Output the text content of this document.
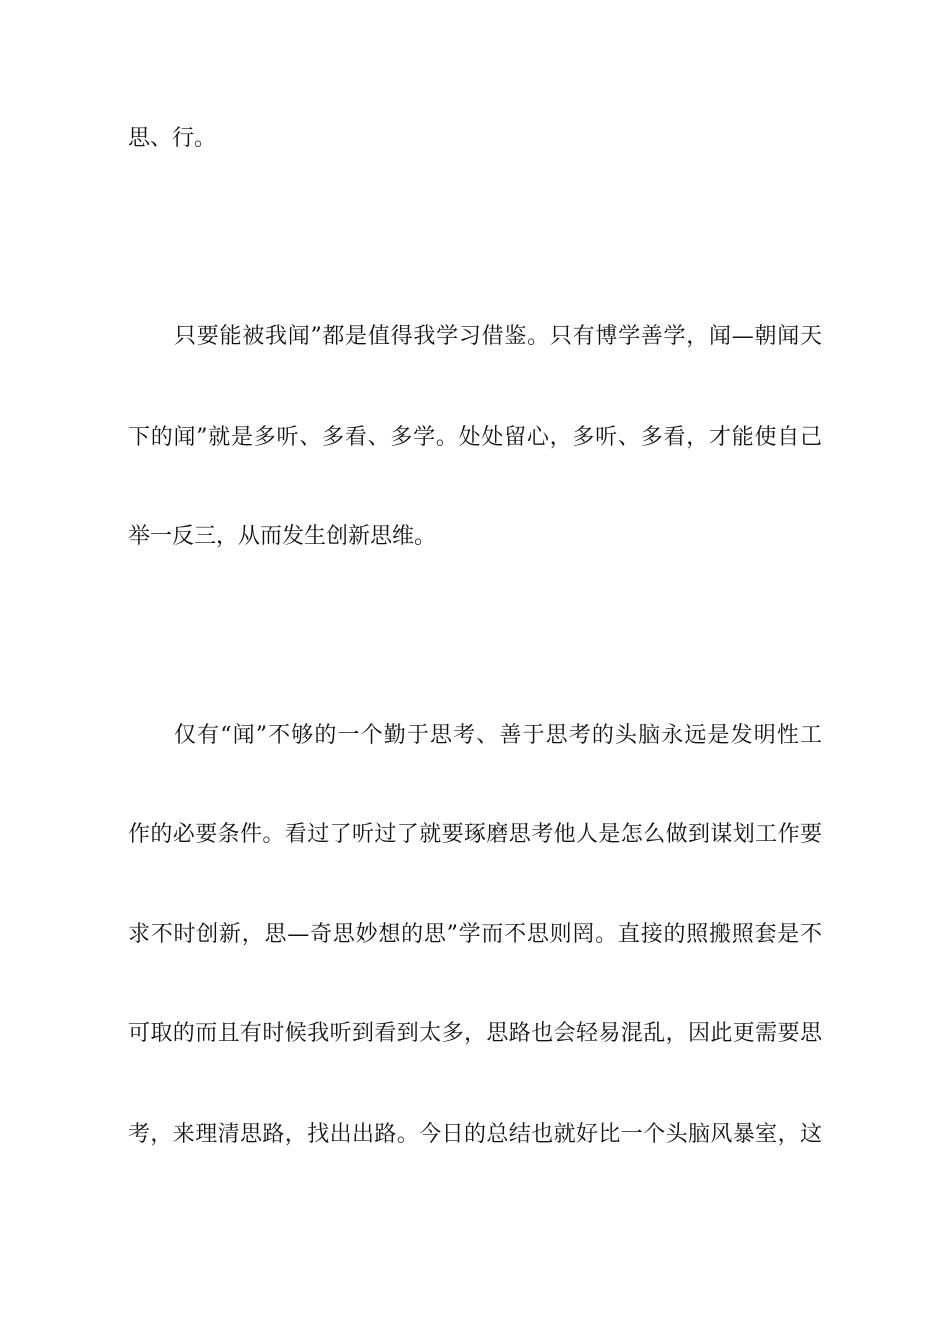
思、行。
只要能被我闻”都是值得我学习借鉴。只有博学善学，闻—朝闻天
下的闻”就是多听、多看、多学。处处留心，多听、多看，才能使自己
举一反三，从而发生创新思维。
仅有“闻”不够的一个勤于思考、善于思考的头脑永远是发明性工
作的必要条件。看过了听过了就要琢磨思考他人是怎么做到谋划工作要
求不时创新，思—奇思妙想的思”学而不思则罔。直接的照搬照套是不
可取的而且有时候我听到看到太多，思路也会轻易混乱，因此更需要思
考，来理清思路，找出出路。今日的总结也就好比一个头脑风暴室，这
